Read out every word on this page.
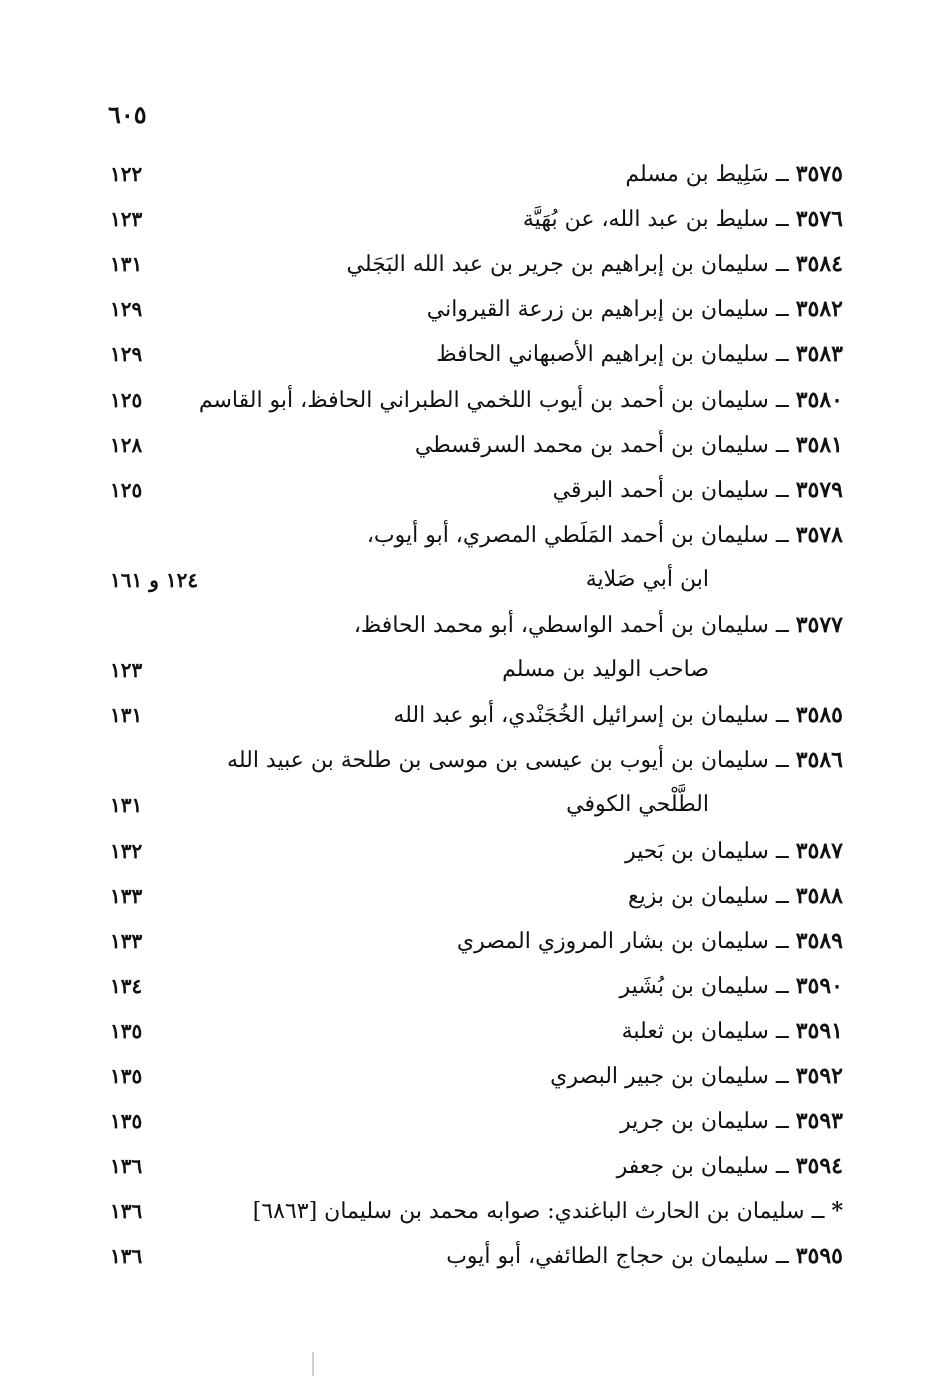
٦٠٥
٣٥٧٥ ــ سَلِيط بن مسلم
١٢٢
٣٥٧٦ ــ سليط بن عبد الله، عن بُهَيَّة
١٢٣
٣٥٨٤ ــ سليمان بن إبراهيم بن جرير بن عبد الله البَجَلي
١٣١
٣٥٨٢ ــ سليمان بن إبراهيم بن زرعة القيرواني
١٢٩
٣٥٨٣ ــ سليمان بن إبراهيم الأصبهاني الحافظ
١٢٩
٣٥٨٠ ــ سليمان بن أحمد بن أيوب اللخمي الطبراني الحافظ، أبو القاسم
١٢٥
٣٥٨١ ــ سليمان بن أحمد بن محمد السرقسطي
١٢٨
٣٥٧٩ ــ سليمان بن أحمد البرقي
١٢٥
٣٥٧٨ ــ سليمان بن أحمد المَلَطي المصري، أبو أيوب،
ابن أبي صَلاية
١٢٤ و ١٦١
٣٥٧٧ ــ سليمان بن أحمد الواسطي، أبو محمد الحافظ،
صاحب الوليد بن مسلم
١٢٣
٣٥٨٥ ــ سليمان بن إسرائيل الخُجَنْدي، أبو عبد الله
١٣١
٣٥٨٦ ــ سليمان بن أيوب بن عيسى بن موسى بن طلحة بن عبيد الله
الطَّلْحي الكوفي
١٣١
٣٥٨٧ ــ سليمان بن بَحير
١٣٢
٣٥٨٨ ــ سليمان بن بزيع
١٣٣
٣٥٨٩ ــ سليمان بن بشار المروزي المصري
١٣٣
٣٥٩٠ ــ سليمان بن بُشَير
١٣٤
٣٥٩١ ــ سليمان بن ثعلبة
١٣٥
٣٥٩٢ ــ سليمان بن جبير البصري
١٣٥
٣٥٩٣ ــ سليمان بن جرير
١٣٥
٣٥٩٤ ــ سليمان بن جعفر
١٣٦
* ــ سليمان بن الحارث الباغندي: صوابه محمد بن سليمان [٦٨٦٣]
١٣٦
٣٥٩٥ ــ سليمان بن حجاج الطائفي، أبو أيوب
١٣٦
